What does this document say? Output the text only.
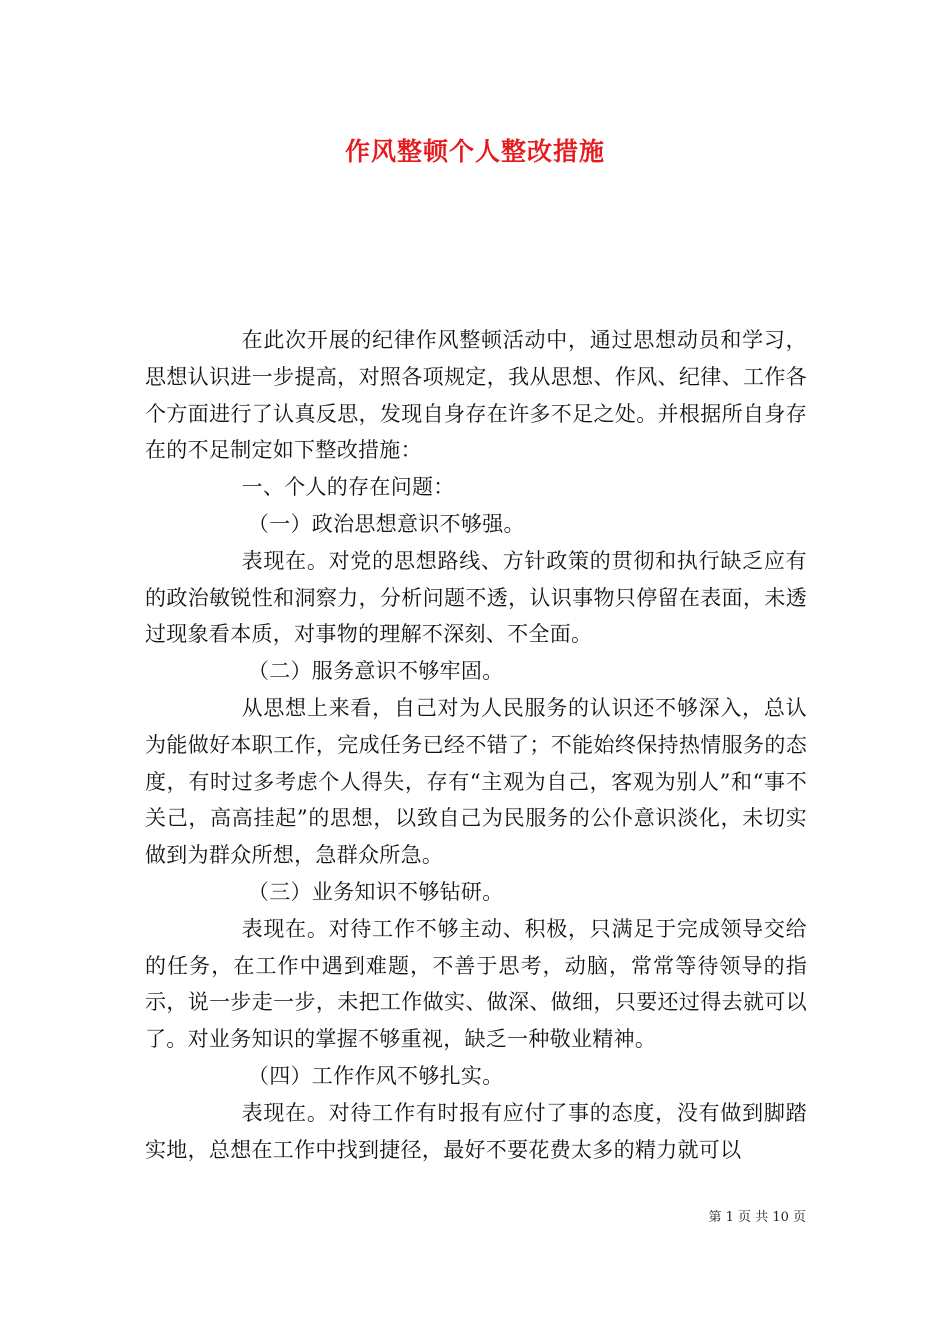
作风整顿个人整改措施

在此次开展的纪律作风整顿活动中，通过思想动员和学习，思想认识进一步提高，对照各项规定，我从思想、作风、纪律、工作各个方面进行了认真反思，发现自身存在许多不足之处。并根据所自身存在的不足制定如下整改措施：

一、个人的存在问题：

（一）政治思想意识不够强。

表现在。对党的思想路线、方针政策的贯彻和执行缺乏应有的政治敏锐性和洞察力，分析问题不透，认识事物只停留在表面，未透过现象看本质，对事物的理解不深刻、不全面。

（二）服务意识不够牢固。

从思想上来看，自己对为人民服务的认识还不够深入，总认为能做好本职工作，完成任务已经不错了；不能始终保持热情服务的态度，有时过多考虑个人得失，存有“主观为自己，客观为别人”和“事不关己，高高挂起”的思想，以致自己为民服务的公仆意识淡化，未切实做到为群众所想，急群众所急。

（三）业务知识不够钻研。

表现在。对待工作不够主动、积极，只满足于完成领导交给的任务，在工作中遇到难题，不善于思考，动脑，常常等待领导的指示，说一步走一步，未把工作做实、做深、做细，只要还过得去就可以了。对业务知识的掌握不够重视，缺乏一种敬业精神。

（四）工作作风不够扎实。

表现在。对待工作有时报有应付了事的态度，没有做到脚踏实地，总想在工作中找到捷径，最好不要花费太多的精力就可以

第 1 页 共 10 页
